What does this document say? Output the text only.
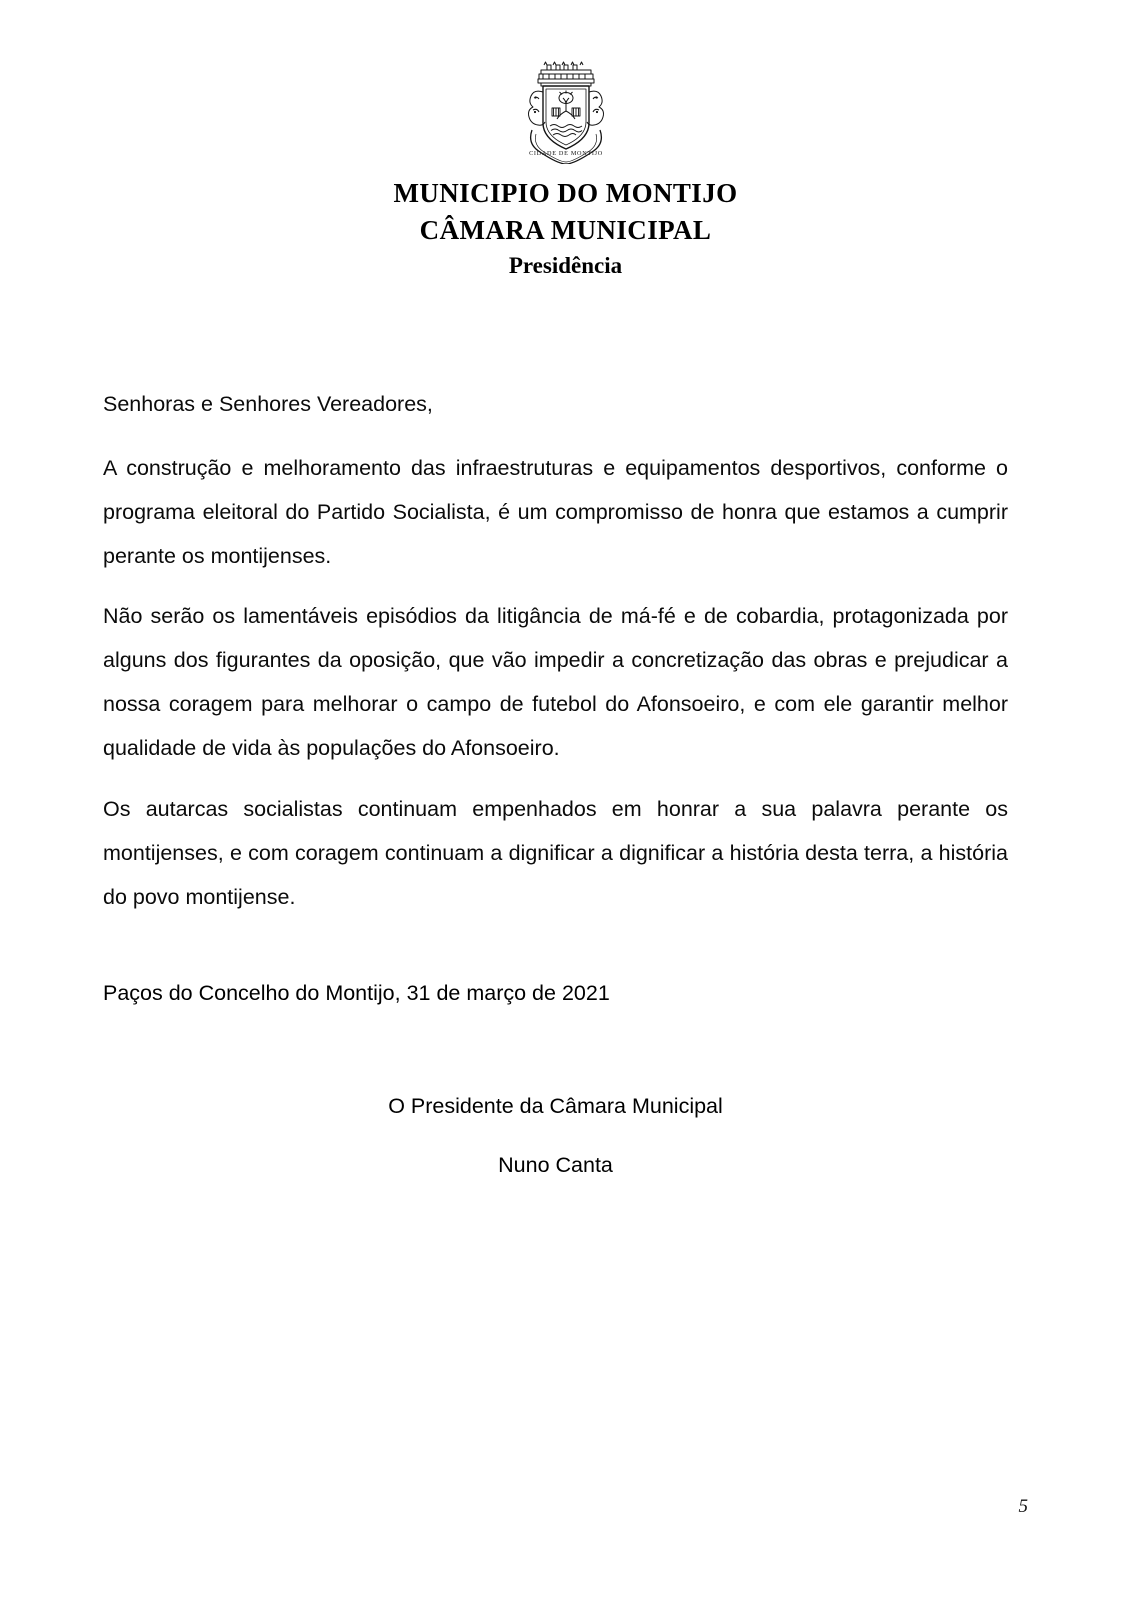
CIDADE DE MONTIJO
MUNICIPIO DO MONTIJO
CÂMARA MUNICIPAL
Presidência

Senhoras e Senhores Vereadores,

A construção e melhoramento das infraestruturas e equipamentos desportivos, conforme o programa eleitoral do Partido Socialista, é um compromisso de honra que estamos a cumprir perante os montijenses.

Não serão os lamentáveis episódios da litigância de má-fé e de cobardia, protagonizada por alguns dos figurantes da oposição, que vão impedir a concretização das obras e prejudicar a nossa coragem para melhorar o campo de futebol do Afonsoeiro, e com ele garantir melhor qualidade de vida às populações do Afonsoeiro.

Os autarcas socialistas continuam empenhados em honrar a sua palavra perante os montijenses, e com coragem continuam a dignificar a dignificar a história desta terra, a história do povo montijense.

Paços do Concelho do Montijo, 31 de março de 2021

O Presidente da Câmara Municipal

Nuno Canta

5
